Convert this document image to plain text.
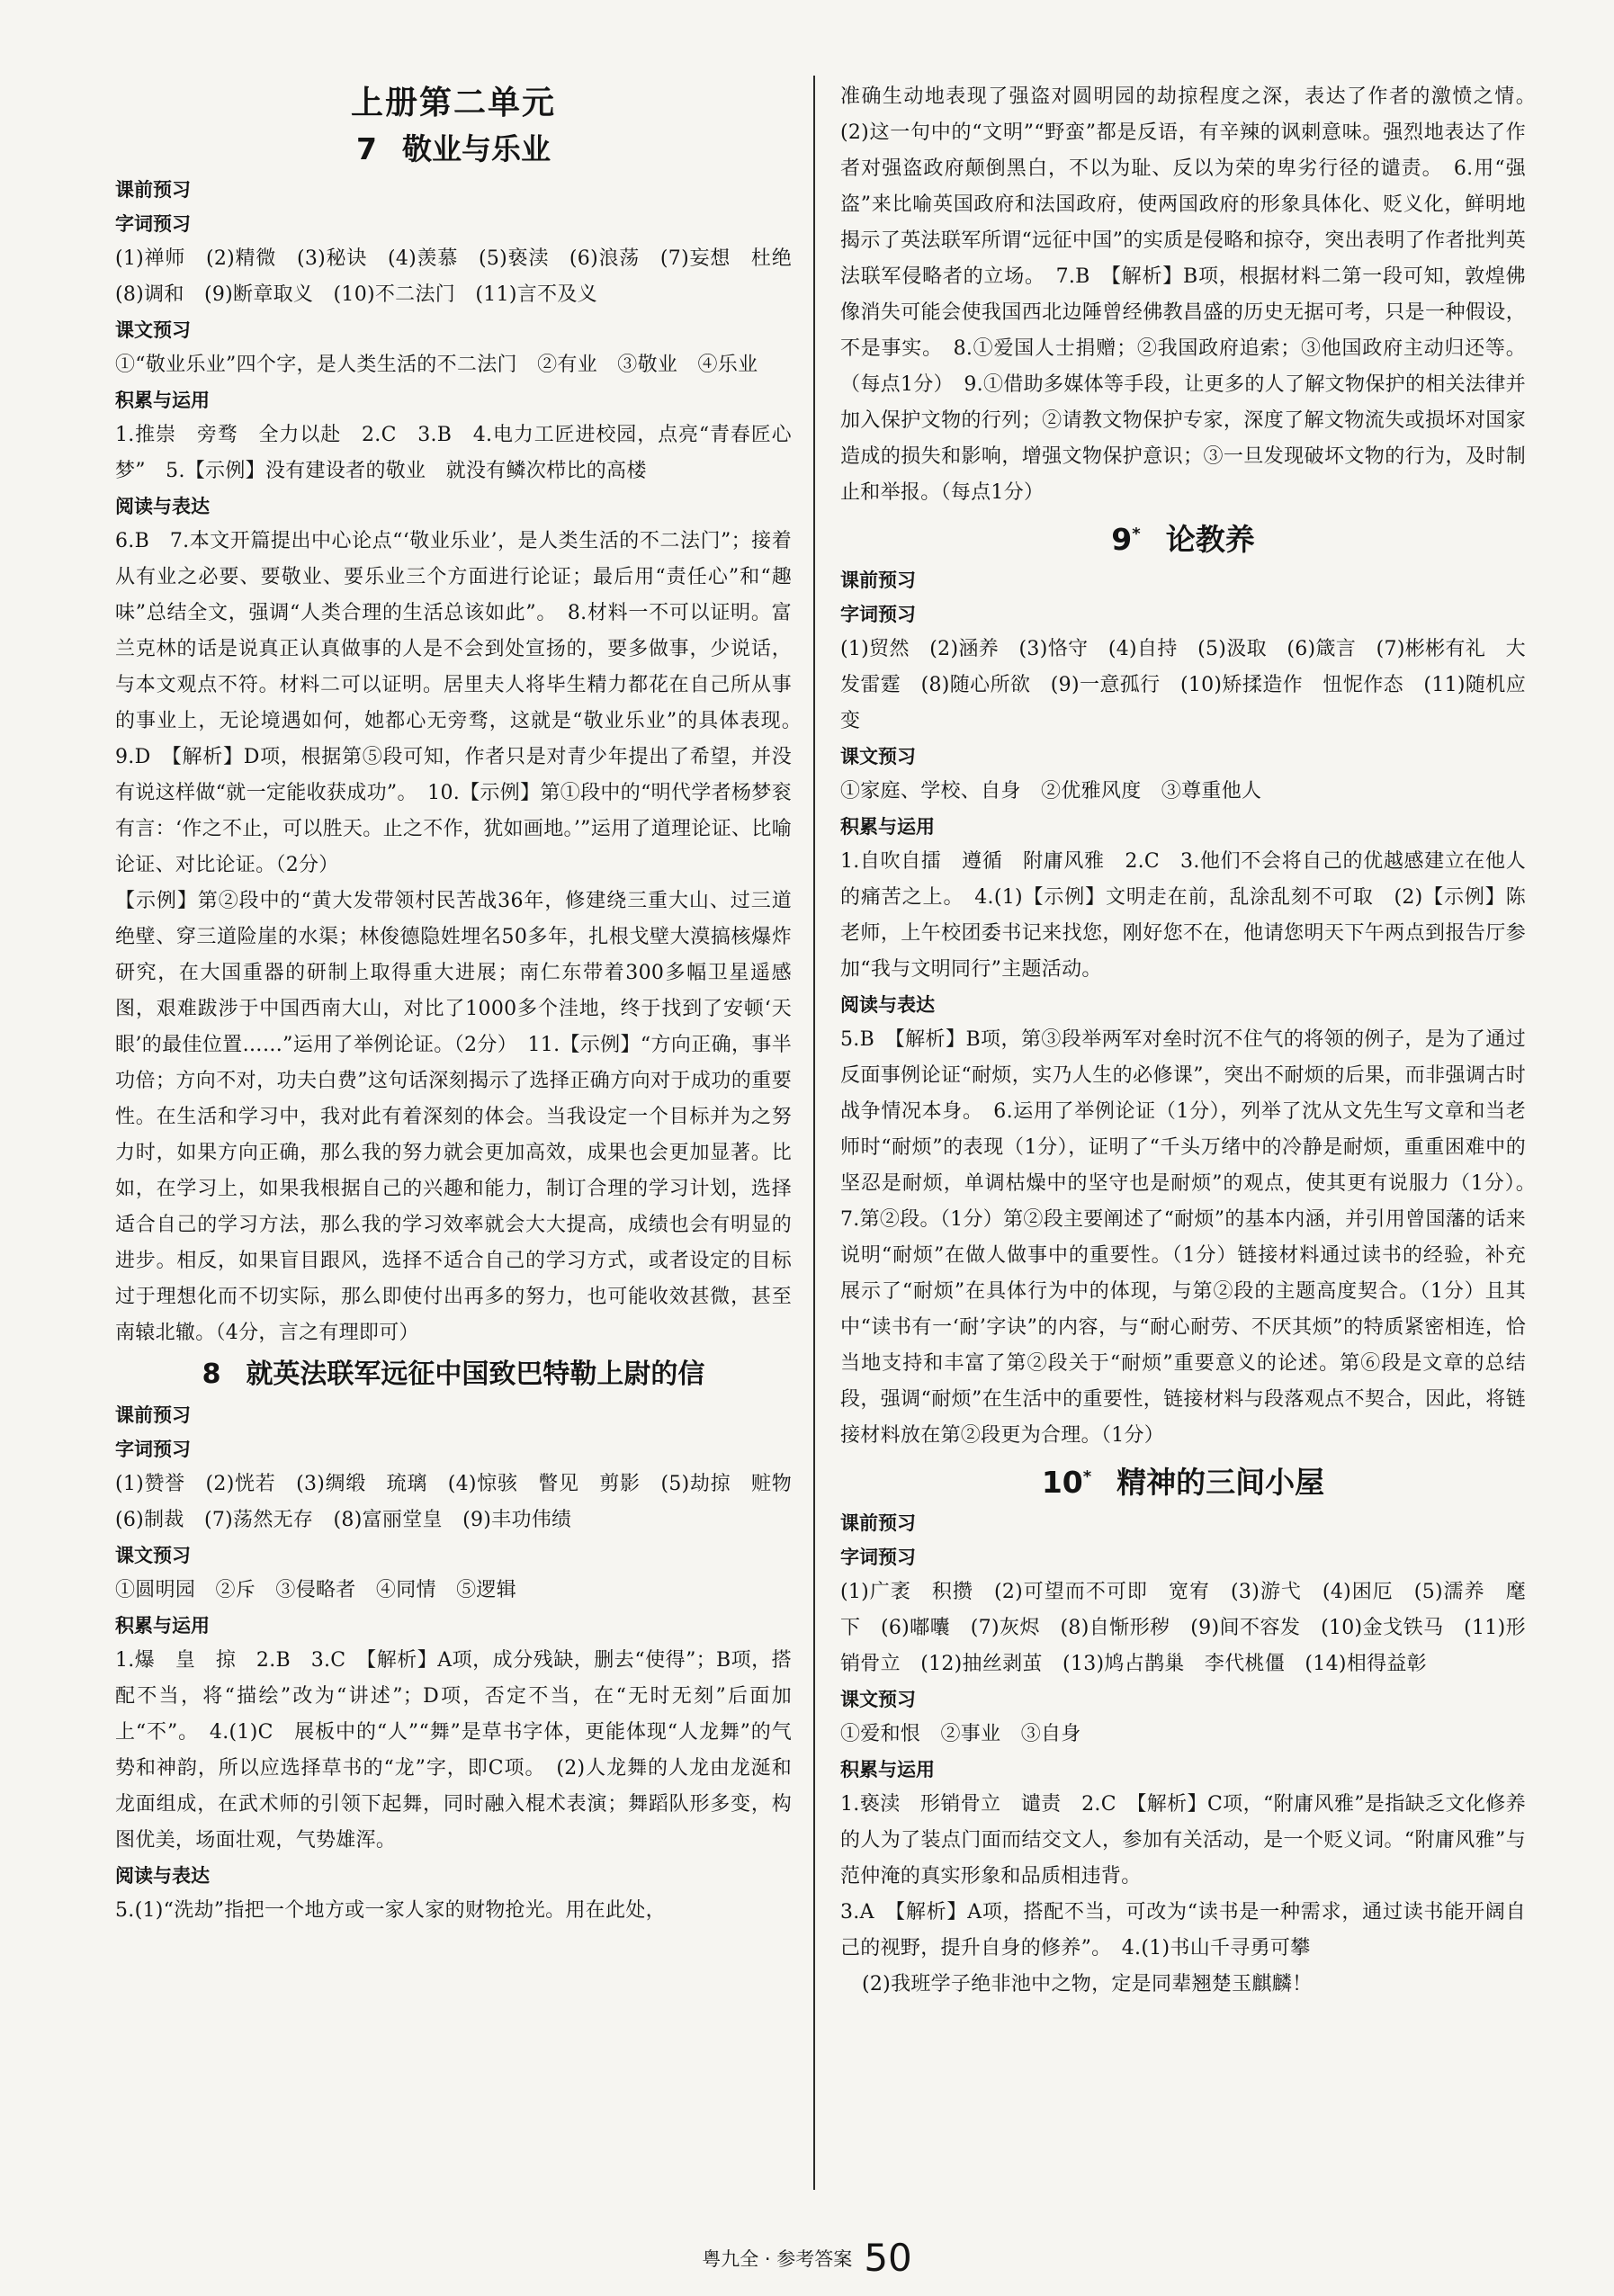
上册第二单元
7 敬业与乐业

课前预习

字词预习

(1)禅师　(2)精微　(3)秘诀　(4)羡慕　(5)亵渎　(6)浪荡　(7)妄想　杜绝　(8)调和　(9)断章取义　(10)不二法门　(11)言不及义

课文预习

①“敬业乐业”四个字，是人类生活的不二法门　②有业　③敬业　④乐业

积累与运用

1.推崇　旁骛　全力以赴　2.C　3.B　4.电力工匠进校园，点亮“青春匠心梦”　5.【示例】没有建设者的敬业　就没有鳞次栉比的高楼

阅读与表达

6.B　7.本文开篇提出中心论点“‘敬业乐业’，是人类生活的不二法门”；接着从有业之必要、要敬业、要乐业三个方面进行论证；最后用“责任心”和“趣味”总结全文，强调“人类合理的生活总该如此”。　8.材料一不可以证明。富兰克林的话是说真正认真做事的人是不会到处宣扬的，要多做事，少说话，与本文观点不符。材料二可以证明。居里夫人将毕生精力都花在自己所从事的事业上，无论境遇如何，她都心无旁骛，这就是“敬业乐业”的具体表现。　9.D　【解析】D项，根据第⑤段可知，作者只是对青少年提出了希望，并没有说这样做“就一定能收获成功”。　10.【示例】第①段中的“明代学者杨梦衮有言：‘作之不止，可以胜天。止之不作，犹如画地。’”运用了道理论证、比喻论证、对比论证。（2分）

【示例】第②段中的“黄大发带领村民苦战36年，修建绕三重大山、过三道绝壁、穿三道险崖的水渠；林俊德隐姓埋名50多年，扎根戈壁大漠搞核爆炸研究，在大国重器的研制上取得重大进展；南仁东带着300多幅卫星遥感图，艰难跋涉于中国西南大山，对比了1000多个洼地，终于找到了安顿‘天眼’的最佳位置……”运用了举例论证。（2分）　11.【示例】“方向正确，事半功倍；方向不对，功夫白费”这句话深刻揭示了选择正确方向对于成功的重要性。在生活和学习中，我对此有着深刻的体会。当我设定一个目标并为之努力时，如果方向正确，那么我的努力就会更加高效，成果也会更加显著。比如，在学习上，如果我根据自己的兴趣和能力，制订合理的学习计划，选择适合自己的学习方法，那么我的学习效率就会大大提高，成绩也会有明显的进步。相反，如果盲目跟风，选择不适合自己的学习方式，或者设定的目标过于理想化而不切实际，那么即使付出再多的努力，也可能收效甚微，甚至南辕北辙。（4分，言之有理即可）

8 就英法联军远征中国致巴特勒上尉的信

课前预习

字词预习

(1)赞誉　(2)恍若　(3)绸缎　琉璃　(4)惊骇　瞥见　剪影　(5)劫掠　赃物　(6)制裁　(7)荡然无存　(8)富丽堂皇　(9)丰功伟绩

课文预习

①圆明园　②斥　③侵略者　④同情　⑤逻辑

积累与运用

1.爆　皇　掠　2.B　3.C　【解析】A项，成分残缺，删去“使得”；B项，搭配不当，将“描绘”改为“讲述”；D项，否定不当，在“无时无刻”后面加上“不”。　4.(1)C　展板中的“人”“舞”是草书字体，更能体现“人龙舞”的气势和神韵，所以应选择草书的“龙”字，即C项。　(2)人龙舞的人龙由龙涎和龙面组成，在武术师的引领下起舞，同时融入棍术表演；舞蹈队形多变，构图优美，场面壮观，气势雄浑。

阅读与表达

5.(1)“洗劫”指把一个地方或一家人家的财物抢光。用在此处，

准确生动地表现了强盗对圆明园的劫掠程度之深，表达了作者的激愤之情。　(2)这一句中的“文明”“野蛮”都是反语，有辛辣的讽刺意味。强烈地表达了作者对强盗政府颠倒黑白，不以为耻、反以为荣的卑劣行径的谴责。　6.用“强盗”来比喻英国政府和法国政府，使两国政府的形象具体化、贬义化，鲜明地揭示了英法联军所谓“远征中国”的实质是侵略和掠夺，突出表明了作者批判英法联军侵略者的立场。　7.B　【解析】B项，根据材料二第一段可知，敦煌佛像消失可能会使我国西北边陲曾经佛教昌盛的历史无据可考，只是一种假设，不是事实。　8.①爱国人士捐赠；②我国政府追索；③他国政府主动归还等。（每点1分）　9.①借助多媒体等手段，让更多的人了解文物保护的相关法律并加入保护文物的行列；②请教文物保护专家，深度了解文物流失或损坏对国家造成的损失和影响，增强文物保护意识；③一旦发现破坏文物的行为，及时制止和举报。（每点1分）

9* 论教养

课前预习

字词预习

(1)贸然　(2)涵养　(3)恪守　(4)自持　(5)汲取　(6)箴言　(7)彬彬有礼　大发雷霆　(8)随心所欲　(9)一意孤行　(10)矫揉造作　忸怩作态　(11)随机应变

课文预习

①家庭、学校、自身　②优雅风度　③尊重他人

积累与运用

1.自吹自擂　遵循　附庸风雅　2.C　3.他们不会将自己的优越感建立在他人的痛苦之上。　4.(1)【示例】文明走在前，乱涂乱刻不可取　(2)【示例】陈老师，上午校团委书记来找您，刚好您不在，他请您明天下午两点到报告厅参加“我与文明同行”主题活动。

阅读与表达

5.B　【解析】B项，第③段举两军对垒时沉不住气的将领的例子，是为了通过反面事例论证“耐烦，实乃人生的必修课”，突出不耐烦的后果，而非强调古时战争情况本身。　6.运用了举例论证（1分），列举了沈从文先生写文章和当老师时“耐烦”的表现（1分），证明了“千头万绪中的冷静是耐烦，重重困难中的坚忍是耐烦，单调枯燥中的坚守也是耐烦”的观点，使其更有说服力（1分）。　7.第②段。（1分）第②段主要阐述了“耐烦”的基本内涵，并引用曾国藩的话来说明“耐烦”在做人做事中的重要性。（1分）链接材料通过读书的经验，补充展示了“耐烦”在具体行为中的体现，与第②段的主题高度契合。（1分）且其中“读书有一‘耐’字诀”的内容，与“耐心耐劳、不厌其烦”的特质紧密相连，恰当地支持和丰富了第②段关于“耐烦”重要意义的论述。第⑥段是文章的总结段，强调“耐烦”在生活中的重要性，链接材料与段落观点不契合，因此，将链接材料放在第②段更为合理。（1分）

10* 精神的三间小屋

课前预习

字词预习

(1)广袤　积攒　(2)可望而不可即　宽宥　(3)游弋　(4)困厄　(5)濡养　麾下　(6)嘟囔　(7)灰烬　(8)自惭形秽　(9)间不容发　(10)金戈铁马　(11)形销骨立　(12)抽丝剥茧　(13)鸠占鹊巢　李代桃僵　(14)相得益彰

课文预习

①爱和恨　②事业　③自身

积累与运用

1.亵渎　形销骨立　谴责　2.C　【解析】C项，“附庸风雅”是指缺乏文化修养的人为了装点门面而结交文人，参加有关活动，是一个贬义词。“附庸风雅”与范仲淹的真实形象和品质相违背。

3.A　【解析】A项，搭配不当，可改为“读书是一种需求，通过读书能开阔自己的视野，提升自身的修养”。　4.(1)书山千寻勇可攀

(2)我班学子绝非池中之物，定是同辈翘楚玉麒麟！

粤九全 · 参考答案 50
